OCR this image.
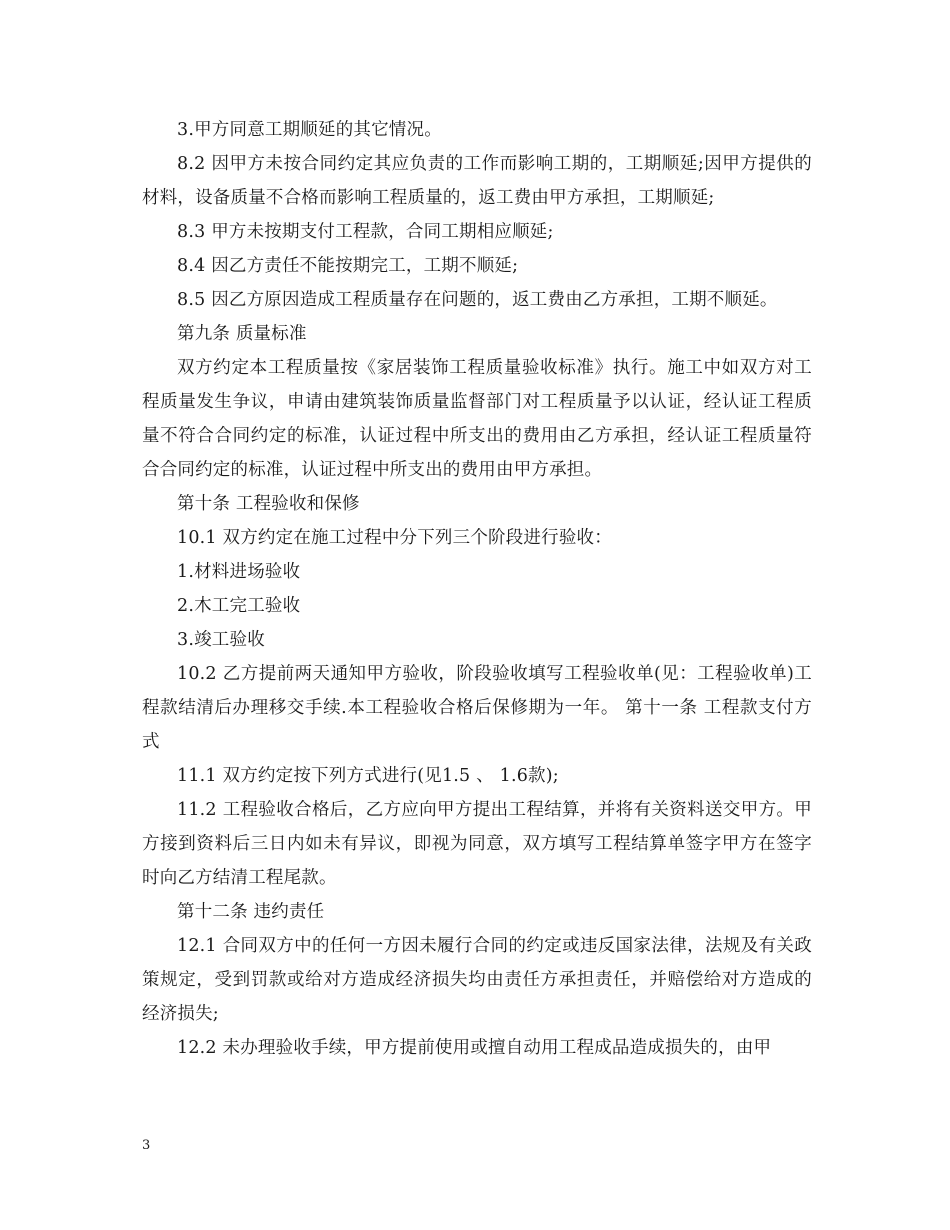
3.甲方同意工期顺延的其它情况。

8.2 因甲方未按合同约定其应负责的工作而影响工期的，工期顺延;因甲方提供的材料，设备质量不合格而影响工程质量的，返工费由甲方承担，工期顺延;

8.3 甲方未按期支付工程款，合同工期相应顺延;

8.4 因乙方责任不能按期完工，工期不顺延;

8.5 因乙方原因造成工程质量存在问题的，返工费由乙方承担，工期不顺延。

第九条 质量标准

双方约定本工程质量按《家居装饰工程质量验收标准》执行。施工中如双方对工程质量发生争议，申请由建筑装饰质量监督部门对工程质量予以认证，经认证工程质量不符合合同约定的标准，认证过程中所支出的费用由乙方承担，经认证工程质量符合合同约定的标准，认证过程中所支出的费用由甲方承担。

第十条 工程验收和保修

10.1 双方约定在施工过程中分下列三个阶段进行验收：

1.材料进场验收

2.木工完工验收

3.竣工验收

10.2 乙方提前两天通知甲方验收，阶段验收填写工程验收单(见：工程验收单)工程款结清后办理移交手续.本工程验收合格后保修期为一年。 第十一条 工程款支付方式

11.1 双方约定按下列方式进行(见1.5 、 1.6款);

11.2 工程验收合格后，乙方应向甲方提出工程结算，并将有关资料送交甲方。甲方接到资料后三日内如未有异议，即视为同意，双方填写工程结算单签字甲方在签字时向乙方结清工程尾款。

第十二条 违约责任

12.1 合同双方中的任何一方因未履行合同的约定或违反国家法律，法规及有关政策规定，受到罚款或给对方造成经济损失均由责任方承担责任，并赔偿给对方造成的经济损失;

12.2 未办理验收手续，甲方提前使用或擅自动用工程成品造成损失的，由甲

3
